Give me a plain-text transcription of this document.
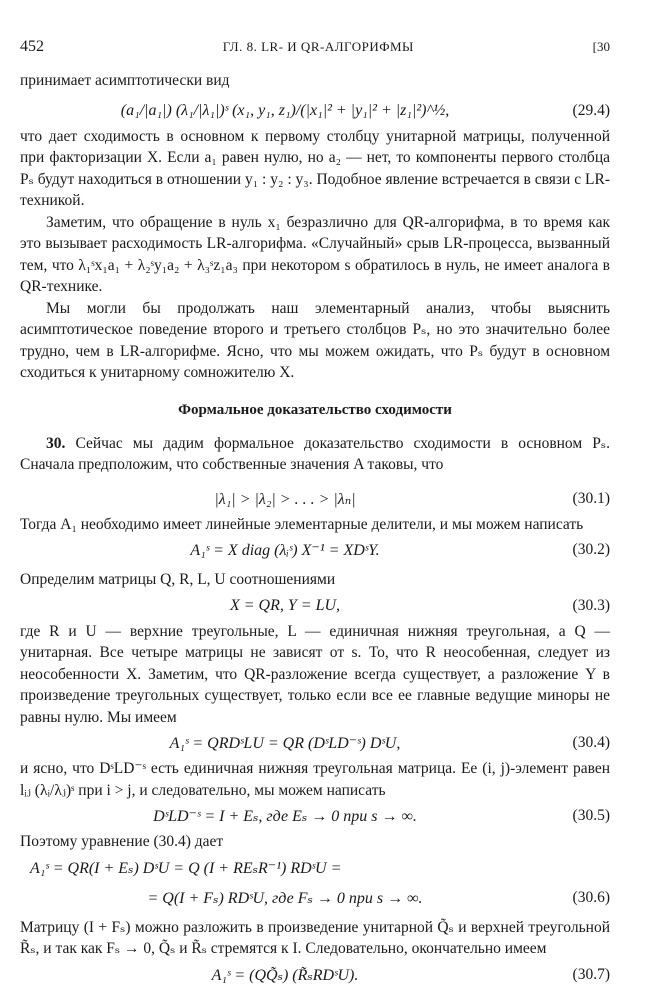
452	ГЛ. 8. LR- И QR-АЛГОРИФМЫ	[30

принимает асимптотически вид

(a₁/|a₁|) (λ₁/|λ₁|)ˢ (x₁, y₁, z₁)/(|x₁|² + |y₁|² + |z₁|²)^½,	(29.4)

что дает сходимость в основном к первому столбцу унитарной матрицы, полученной при факторизации X. Если a₁ равен нулю, но a₂ — нет, то компоненты первого столбца Pₛ будут находиться в отношении y₁ : y₂ : y₃. Подобное явление встречается в связи с LR-техникой.

Заметим, что обращение в нуль x₁ безразлично для QR-алгорифма, в то время как это вызывает расходимость LR-алгорифма. «Случайный» срыв LR-процесса, вызванный тем, что λ₁ˢx₁a₁ + λ₂ˢy₁a₂ + λ₃ˢz₁a₃ при некотором s обратилось в нуль, не имеет аналога в QR-технике.

Мы могли бы продолжать наш элементарный анализ, чтобы выяснить асимптотическое поведение второго и третьего столбцов Pₛ, но это значительно более трудно, чем в LR-алгорифме. Ясно, что мы можем ожидать, что Pₛ будут в основном сходиться к унитарному сомножителю X.

Формальное доказательство сходимости

30. Сейчас мы дадим формальное доказательство сходимости в основном Pₛ. Сначала предположим, что собственные значения A таковы, что

|λ₁| > |λ₂| > . . . > |λₙ|	(30.1)

Тогда A₁ необходимо имеет линейные элементарные делители, и мы можем написать

A₁ˢ = X diag (λᵢˢ) X⁻¹ = XDˢY.	(30.2)

Определим матрицы Q, R, L, U соотношениями

X = QR, Y = LU,	(30.3)

где R и U — верхние треугольные, L — единичная нижняя треугольная, а Q — унитарная. Все четыре матрицы не зависят от s. То, что R неособенная, следует из неособенности X. Заметим, что QR-разложение всегда существует, а разложение Y в произведение треугольных существует, только если все ее главные ведущие миноры не равны нулю. Мы имеем

A₁ˢ = QRDˢLU = QR (DˢLD⁻ˢ) DˢU,	(30.4)

и ясно, что DˢLD⁻ˢ есть единичная нижняя треугольная матрица. Ее (i, j)-элемент равен lᵢⱼ (λᵢ/λⱼ)ˢ при i > j, и следовательно, мы можем написать

DˢLD⁻ˢ = I + Eₛ, где Eₛ → 0 при s → ∞.	(30.5)

Поэтому уравнение (30.4) дает

A₁ˢ = QR(I + Eₛ) DˢU = Q (I + REₛR⁻¹) RDˢU =
= Q(I + Fₛ) RDˢU, где Fₛ → 0 при s → ∞.	(30.6)

Матрицу (I + Fₛ) можно разложить в произведение унитарной Q̃ₛ и верхней треугольной R̃ₛ, и так как Fₛ → 0, Q̃ₛ и R̃ₛ стремятся к I. Следовательно, окончательно имеем

A₁ˢ = (QQ̃ₛ) (R̃ₛRDˢU).	(30.7)
